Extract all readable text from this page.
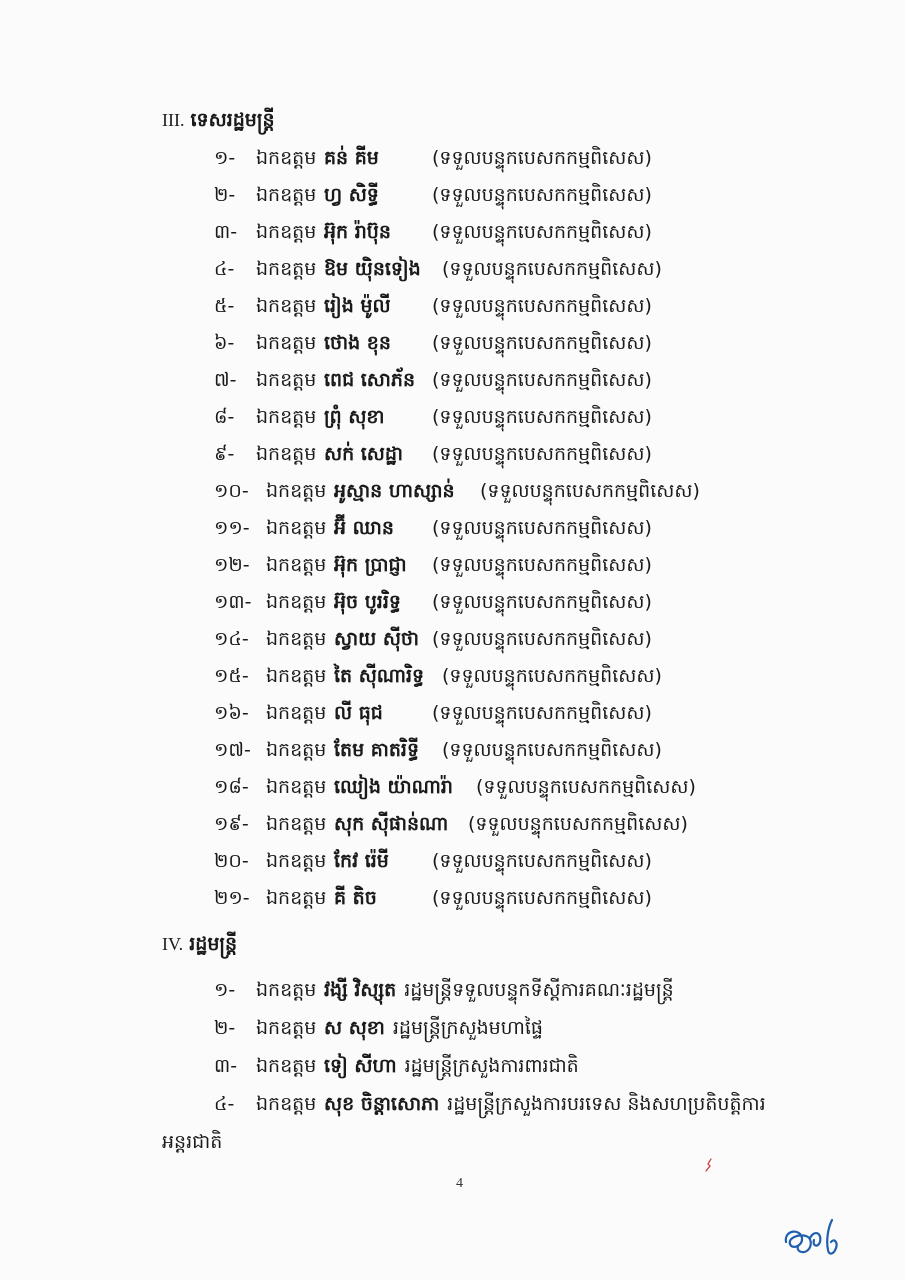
III. ទេសរដ្ឋមន្រ្តី
១- ឯកឧត្តម គន់ គីម	(ទទួលបន្ទុកបេសកកម្មពិសេស)
២- ឯកឧត្តម ហ្វ សិទ្ធី	(ទទួលបន្ទុកបេសកកម្មពិសេស)
៣- ឯកឧត្តម អ៊ុក រ៉ាប៊ុន (ទទួលបន្ទុកបេសកកម្មពិសេស)
៤- ឯកឧត្តម ឱម យ៉ិនទៀង (ទទួលបន្ទុកបេសកកម្មពិសេស)
៥- ឯកឧត្តម រៀង ម៉ូលី (ទទួលបន្ទុកបេសកកម្មពិសេស)
៦- ឯកឧត្តម ថោង ខុន (ទទួលបន្ទុកបេសកកម្មពិសេស)
៧- ឯកឧត្តម ពេជ សោភ័ន (ទទួលបន្ទុកបេសកកម្មពិសេស)
៨- ឯកឧត្តម ព្រុំ សុខា (ទទួលបន្ទុកបេសកកម្មពិសេស)
៩- ឯកឧត្តម សក់ សេដ្ឋា (ទទួលបន្ទុកបេសកកម្មពិសេស)
១០- ឯកឧត្តម អូស្មាន ហាស្សាន់ (ទទួលបន្ទុកបេសកកម្មពិសេស)
១១- ឯកឧត្តម អ៊ី ឈាន (ទទួលបន្ទុកបេសកកម្មពិសេស)
១២- ឯកឧត្តម អ៊ុក ប្រាជ្ញា (ទទួលបន្ទុកបេសកកម្មពិសេស)
១៣- ឯកឧត្តម អ៊ុច បូររិទ្ធ (ទទួលបន្ទុកបេសកកម្មពិសេស)
១៤- ឯកឧត្តម ស្វាយ ស៊ីថា (ទទួលបន្ទុកបេសកកម្មពិសេស)
១៥- ឯកឧត្តម តៃ ស៊ីណារិទ្ធ (ទទួលបន្ទុកបេសកកម្មពិសេស)
១៦- ឯកឧត្តម លី ធុជ	(ទទួលបន្ទុកបេសកកម្មពិសេស)
១៧- ឯកឧត្តម តែម គាតរិទ្ធី (ទទួលបន្ទុកបេសកកម្មពិសេស)
១៨- ឯកឧត្តម ឈៀង យ៉ាណារ៉ា (ទទួលបន្ទុកបេសកកម្មពិសេស)
១៩- ឯកឧត្តម សុក ស៊ីផាន់ណា (ទទួលបន្ទុកបេសកកម្មពិសេស)
២០- ឯកឧត្តម កែវ រ៉េមី (ទទួលបន្ទុកបេសកកម្មពិសេស)
២១- ឯកឧត្តម គី តិច	(ទទួលបន្ទុកបេសកកម្មពិសេស)
IV. រដ្ឋមន្រ្តី
១- ឯកឧត្តម វង្សី វិស្សុត រដ្ឋមន្រ្តីទទួលបន្ទុកទីស្តីការគណៈរដ្ឋមន្រ្តី
២- ឯកឧត្តម ស សុខា រដ្ឋមន្រ្តីក្រសួងមហាផ្ទៃ
៣- ឯកឧត្តម ទៀ សីហា រដ្ឋមន្រ្តីក្រសួងការពារជាតិ
៤- ឯកឧត្តម សុខ ចិន្តាសោភា រដ្ឋមន្រ្តីក្រសួងការបរទេស និងសហប្រតិបត្តិការ
អន្តរជាតិ
4
